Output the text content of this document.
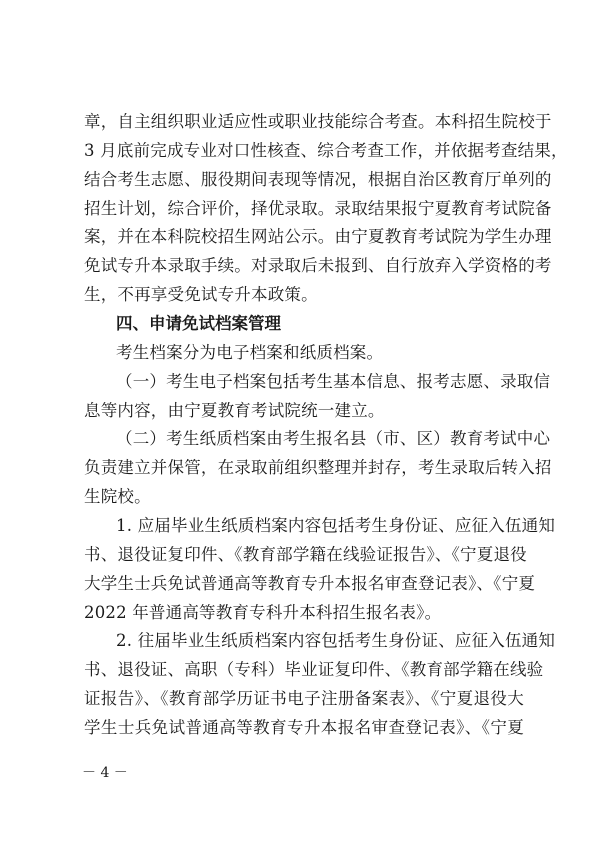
章，自主组织职业适应性或职业技能综合考查。本科招生院校于
3 月底前完成专业对口性核查、综合考查工作，并依据考查结果，
结合考生志愿、服役期间表现等情况，根据自治区教育厅单列的
招生计划，综合评价，择优录取。录取结果报宁夏教育考试院备
案，并在本科院校招生网站公示。由宁夏教育考试院为学生办理
免试专升本录取手续。对录取后未报到、自行放弃入学资格的考
生，不再享受免试专升本政策。
四、申请免试档案管理
考生档案分为电子档案和纸质档案。
（一）考生电子档案包括考生基本信息、报考志愿、录取信
息等内容，由宁夏教育考试院统一建立。
（二）考生纸质档案由考生报名县（市、区）教育考试中心
负责建立并保管，在录取前组织整理并封存，考生录取后转入招
生院校。
1. 应届毕业生纸质档案内容包括考生身份证、应征入伍通知
书、退役证复印件、《教育部学籍在线验证报告》、《宁夏退役
大学生士兵免试普通高等教育专升本报名审查登记表》、《宁夏
2022 年普通高等教育专科升本科招生报名表》。
2. 往届毕业生纸质档案内容包括考生身份证、应征入伍通知
书、退役证、高职（专科）毕业证复印件、《教育部学籍在线验
证报告》、《教育部学历证书电子注册备案表》、《宁夏退役大
学生士兵免试普通高等教育专升本报名审查登记表》、《宁夏
－ 4 －
